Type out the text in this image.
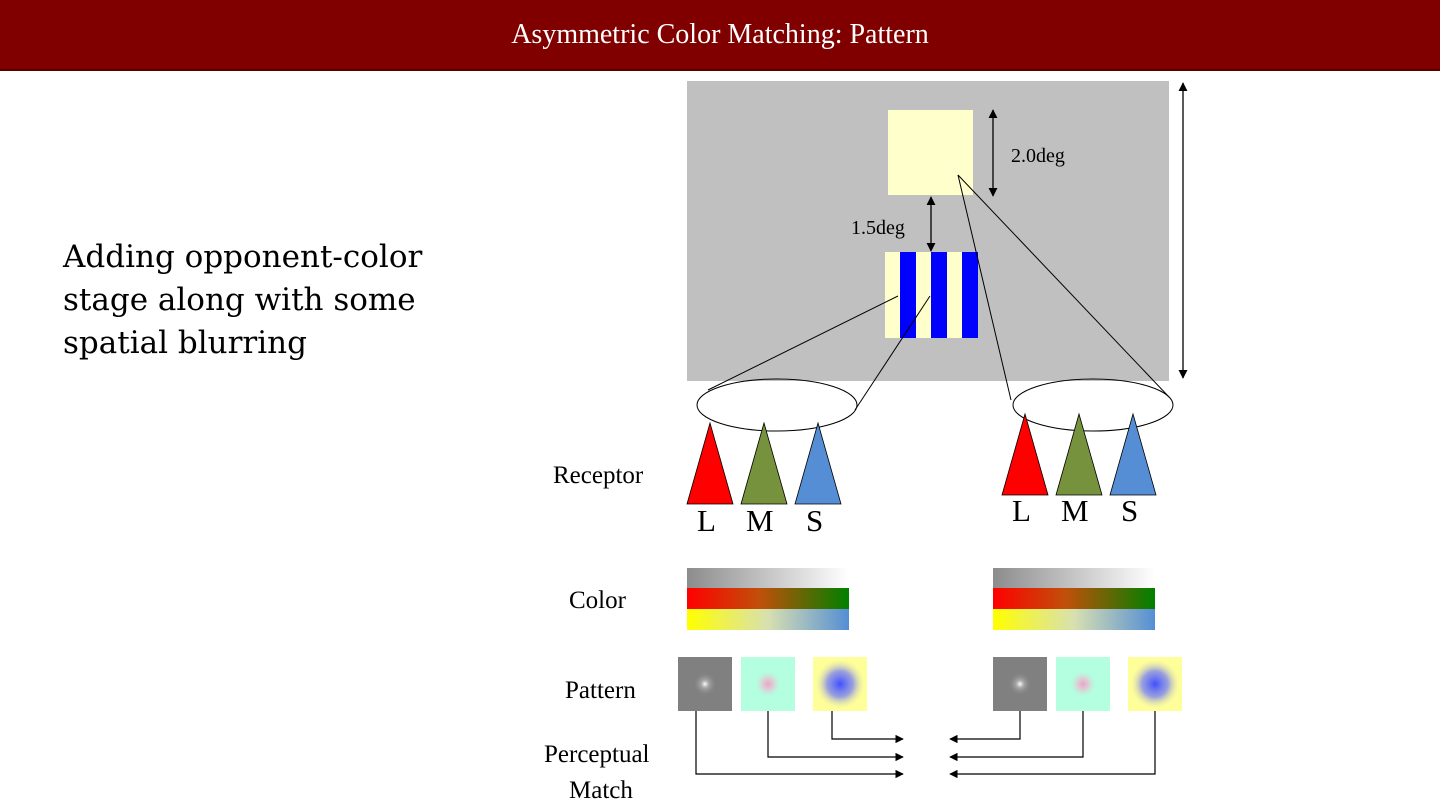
Asymmetric Color Matching: Pattern
Adding opponent-color stage along with some spatial blurring
2.0deg
1.5deg
L M S	L M S
Receptor
Color
Pattern
Perceptual
Match
